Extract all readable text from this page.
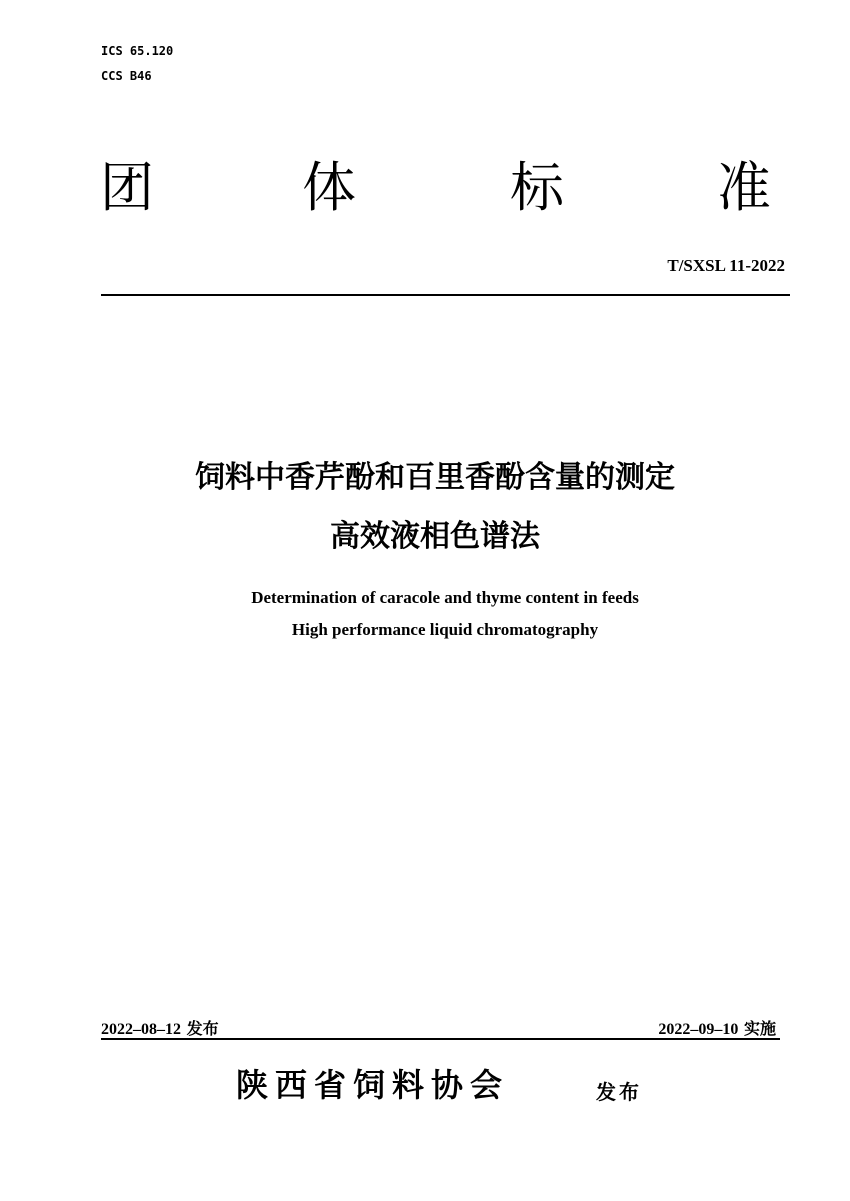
ICS 65.120
CCS B46
团	体	标	准
T/SXSL 11-2022
饲料中香芹酚和百里香酚含量的测定
高效液相色谱法
Determination of caracole and thyme content in feeds
High performance liquid chromatography
2022–08–12 发布	2022–09–10 实施
陕西省饲料协会	发布
